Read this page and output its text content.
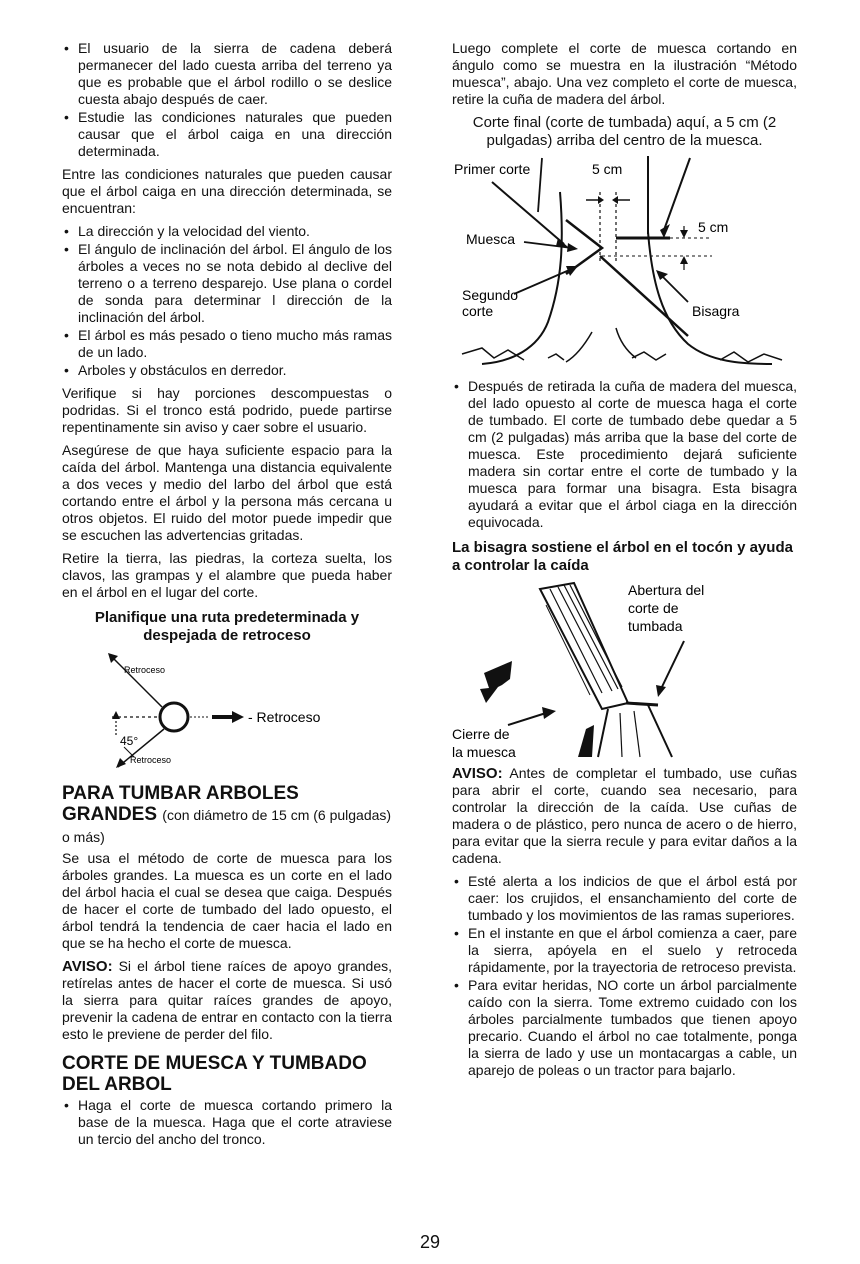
• El usuario de la sierra de cadena deberá permanecer del lado cuesta arriba del terreno ya que es probable que el árbol rodillo o se deslice cuesta abajo después de caer.
• Estudie las condiciones naturales que pueden causar que el árbol caiga en una dirección determinada.

Entre las condiciones naturales que pueden causar que el árbol caiga en una dirección determinada, se encuentran:

• La dirección y la velocidad del viento.
• El ángulo de inclinación del árbol. El ángulo de los árboles a veces no se nota debido al declive del terreno o a terreno desparejo. Use plana o cordel de sonda para determinar l dirección de la inclinación del árbol.
• El árbol es más pesado o tieno mucho más ramas de un lado.
• Arboles y obstáculos en derredor.

Verifique si hay porciones descompuestas o podridas. Si el tronco está podrido, puede partirse repentinamente sin aviso y caer sobre el usuario.

Asegúrese de que haya suficiente espacio para la caída del árbol. Mantenga una distancia equivalente a dos veces y medio del larbo del árbol que está cortando entre el árbol y la persona más cercana u otros objetos. El ruido del motor puede impedir que se escuchen las advertencias gritadas.

Retire la tierra, las piedras, la corteza suelta, los clavos, las grampas y el alambre que pueda haber en el árbol en el lugar del corte.

Planifique una ruta predeterminada y despejada de retroceso
Retroceso
- Retroceso
45°
Retroceso
PARA TUMBAR ARBOLES GRANDES (con diámetro de 15 cm (6 pulgadas) o más)

Se usa el método de corte de muesca para los árboles grandes. La muesca es un corte en el lado del árbol hacia el cual se desea que caiga. Después de hacer el corte de tumbado del lado opuesto, el árbol tendrá la tendencia de caer hacia el lado en que se ha hecho el corte de muesca.

AVISO: Si el árbol tiene raíces de apoyo grandes, retírelas antes de hacer el corte de muesca. Si usó la sierra para quitar raíces grandes de apoyo, prevenir la cadena de entrar en contacto con la tierra esto le previene de perder del filo.

CORTE DE MUESCA Y TUMBADO DEL ARBOL
• Haga el corte de muesca cortando primero la base de la muesca. Haga que el corte atraviese un tercio del ancho del tronco.

Luego complete el corte de muesca cortando en ángulo como se muestra en la ilustración “Método muesca”, abajo. Una vez completo el corte de muesca, retire la cuña de madera del árbol.

Corte final (corte de tumbada) aquí, a 5 cm (2 pulgadas) arriba del centro de la muesca.
Primer corte	5 cm
5 cm
Muesca
Segundo
corte	Bisagra
• Después de retirada la cuña de madera del muesca, del lado opuesto al corte de muesca haga el corte de tumbado. El corte de tumbado debe quedar a 5 cm (2 pulgadas) más arriba que la base del corte de muesca. Este procedimiento dejará suficiente madera sin cortar entre el corte de tumbado y la muesca para formar una bisagra. Esta bisagra ayudará a evitar que el árbol ciaga en la dirección equivocada.
La bisagra sostiene el árbol en el tocón y ayuda a controlar la caída
Abertura del corte de tumbada
Cierre de
la muesca

AVISO: Antes de completar el tumbado, use cuñas para abrir el corte, cuando sea necesario, para controlar la dirección de la caída. Use cuñas de madera o de plástico, pero nunca de acero o de hierro, para evitar que la sierra recule y para evitar daños a la cadena.

• Esté alerta a los indicios de que el árbol está por caer: los crujidos, el ensanchamiento del corte de tumbado y los movimientos de las ramas superiores.
• En el instante en que el árbol comienza a caer, pare la sierra, apóyela en el suelo y retroceda rápidamente, por la trayectoria de retroceso prevista.
• Para evitar heridas, NO corte un árbol parcialmente caído con la sierra. Tome extremo cuidado con los árboles parcialmente tumbados que tienen apoyo precario. Cuando el árbol no cae totalmente, ponga la sierra de lado y use un montacargas a cable, un aparejo de poleas o un tractor para bajarlo.
29
